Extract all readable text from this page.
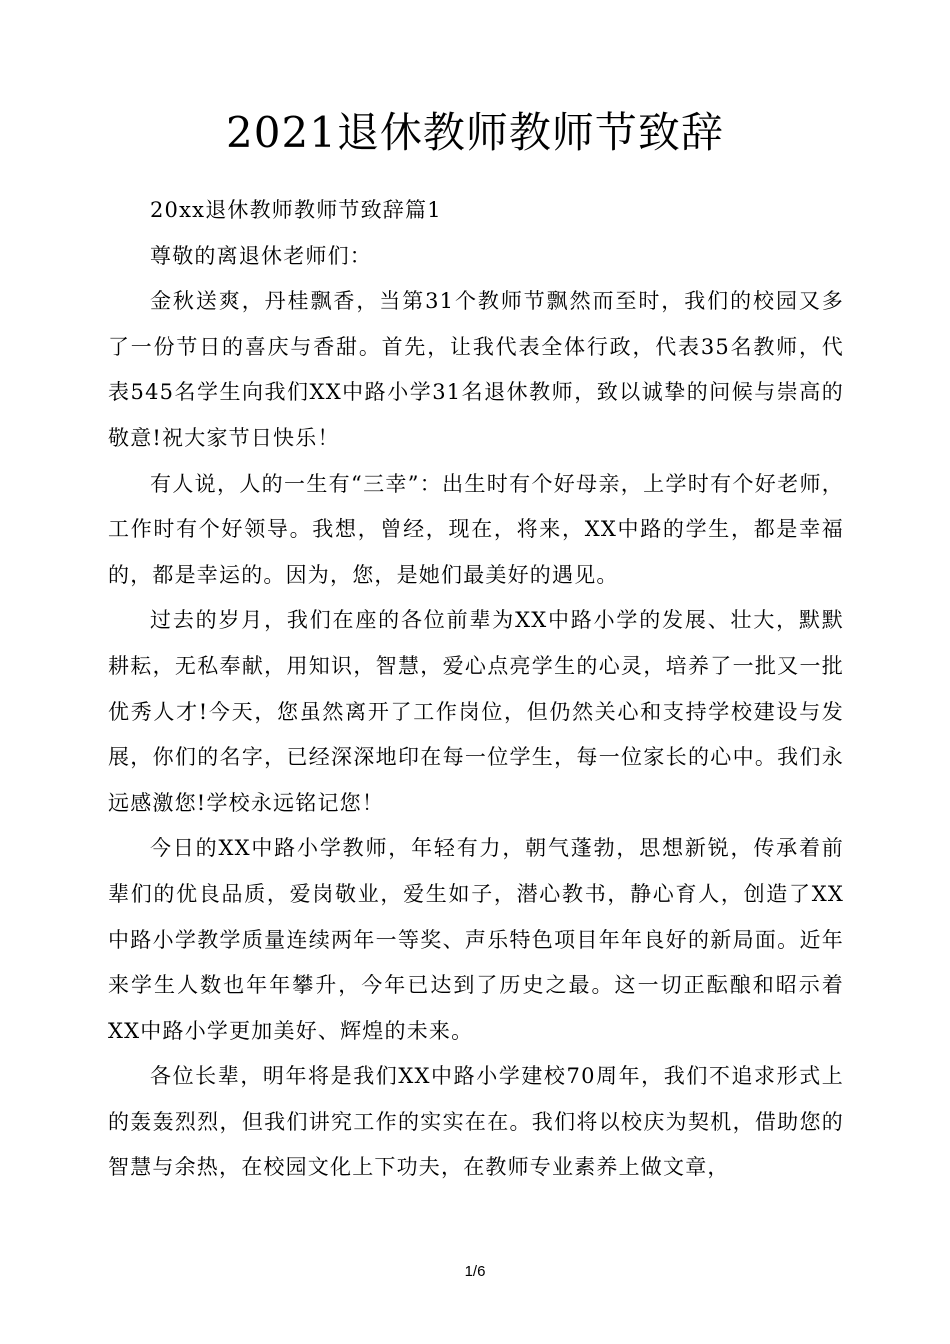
2021退休教师教师节致辞

20xx退休教师教师节致辞篇1

尊敬的离退休老师们：

金秋送爽，丹桂飘香，当第31个教师节飘然而至时，我们的校园又多了一份节日的喜庆与香甜。首先，让我代表全体行政，代表35名教师，代表545名学生向我们XX中路小学31名退休教师，致以诚挚的问候与崇高的敬意!祝大家节日快乐！

有人说，人的一生有“三幸”：出生时有个好母亲，上学时有个好老师，工作时有个好领导。我想，曾经，现在，将来，XX中路的学生，都是幸福的，都是幸运的。因为，您，是她们最美好的遇见。

过去的岁月，我们在座的各位前辈为XX中路小学的发展、壮大，默默耕耘，无私奉献，用知识，智慧，爱心点亮学生的心灵，培养了一批又一批优秀人才!今天，您虽然离开了工作岗位，但仍然关心和支持学校建设与发展，你们的名字，已经深深地印在每一位学生，每一位家长的心中。我们永远感激您!学校永远铭记您！

今日的XX中路小学教师，年轻有力，朝气蓬勃，思想新锐，传承着前辈们的优良品质，爱岗敬业，爱生如子，潜心教书，静心育人，创造了XX中路小学教学质量连续两年一等奖、声乐特色项目年年良好的新局面。近年来学生人数也年年攀升，今年已达到了历史之最。这一切正酝酿和昭示着XX中路小学更加美好、辉煌的未来。

各位长辈，明年将是我们XX中路小学建校70周年，我们不追求形式上的轰轰烈烈，但我们讲究工作的实实在在。我们将以校庆为契机，借助您的智慧与余热，在校园文化上下功夫，在教师专业素养上做文章，

1/6
